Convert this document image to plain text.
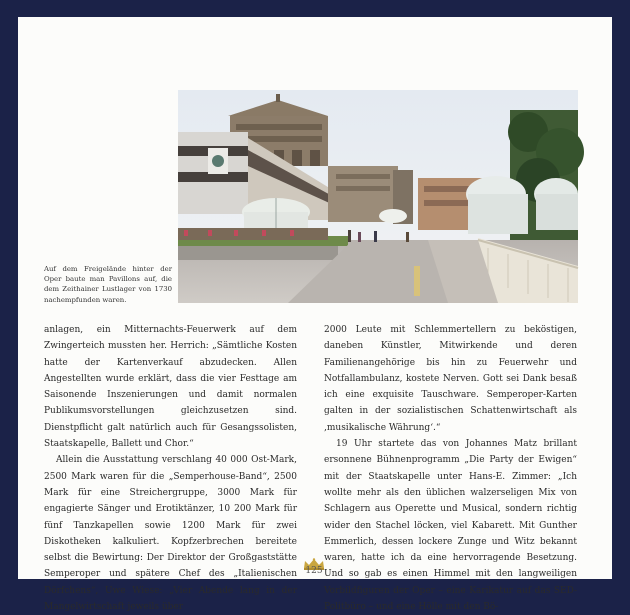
Auf dem Freigelände hinter der Oper baute man Pavillons auf, die dem Zeithainer Lustlager von 1730 nachempfunden waren.

anlagen, ein Mitternachts-Feuerwerk auf dem Zwingerteich mussten her. Herrich: „Sämtliche Kosten hatte der Kartenverkauf abzudecken. Allen Angestellten wurde erklärt, dass die vier Festtage am Saisonende Inszenierungen und damit normalen Publikumsvorstellungen gleichzusetzen sind. Dienstpflicht galt natürlich auch für Gesangssolisten, Staatskapelle, Ballett und Chor.“

Allein die Ausstattung verschlang 40 000 Ost-Mark, 2500 Mark waren für die „Semperhouse-Band“, 2500 Mark für eine Streichergruppe, 3000 Mark für engagierte Sänger und Erotiktänzer, 10 200 Mark für fünf Tanzkapellen sowie 1200 Mark für zwei Diskotheken kalkuliert. Kopfzerbrechen bereitete selbst die Bewirtung: Der Direktor der Großgaststätte Semperoper und spätere Chef des „Italienischen Dörfchens“, Uwe Wiese: „Vier Abende lang in der Mangelwirtschaft jeweils über

2000 Leute mit Schlemmertellern zu beköstigen, daneben Künstler, Mitwirkende und deren Familienangehörige bis hin zu Feuerwehr und Notfallambulanz, kostete Nerven. Gott sei Dank besaß ich eine exquisite Tauschware. Semperoper-Karten galten in der sozialistischen Schattenwirtschaft als ‚musikalische Währung‘.“

19 Uhr startete das von Johannes Matz brillant ersonnene Bühnenprogramm „Die Party der Ewigen“ mit der Staatskapelle unter Hans-E. Zimmer: „Ich wollte mehr als den üblichen walzerseligen Mix von Schlagern aus Operette und Musical, sondern richtig wider den Stachel löcken, viel Kabarett. Mit Gunther Emmerlich, dessen lockere Zunge und Witz bekannt waren, hatte ich da eine hervorragende Besetzung. Und so gab es einen Himmel mit den langweiligen Vorbildfiguren der Oper – eine Karikatur auf das SED-Politbüro – und eine Hölle mit den Bö-

125
